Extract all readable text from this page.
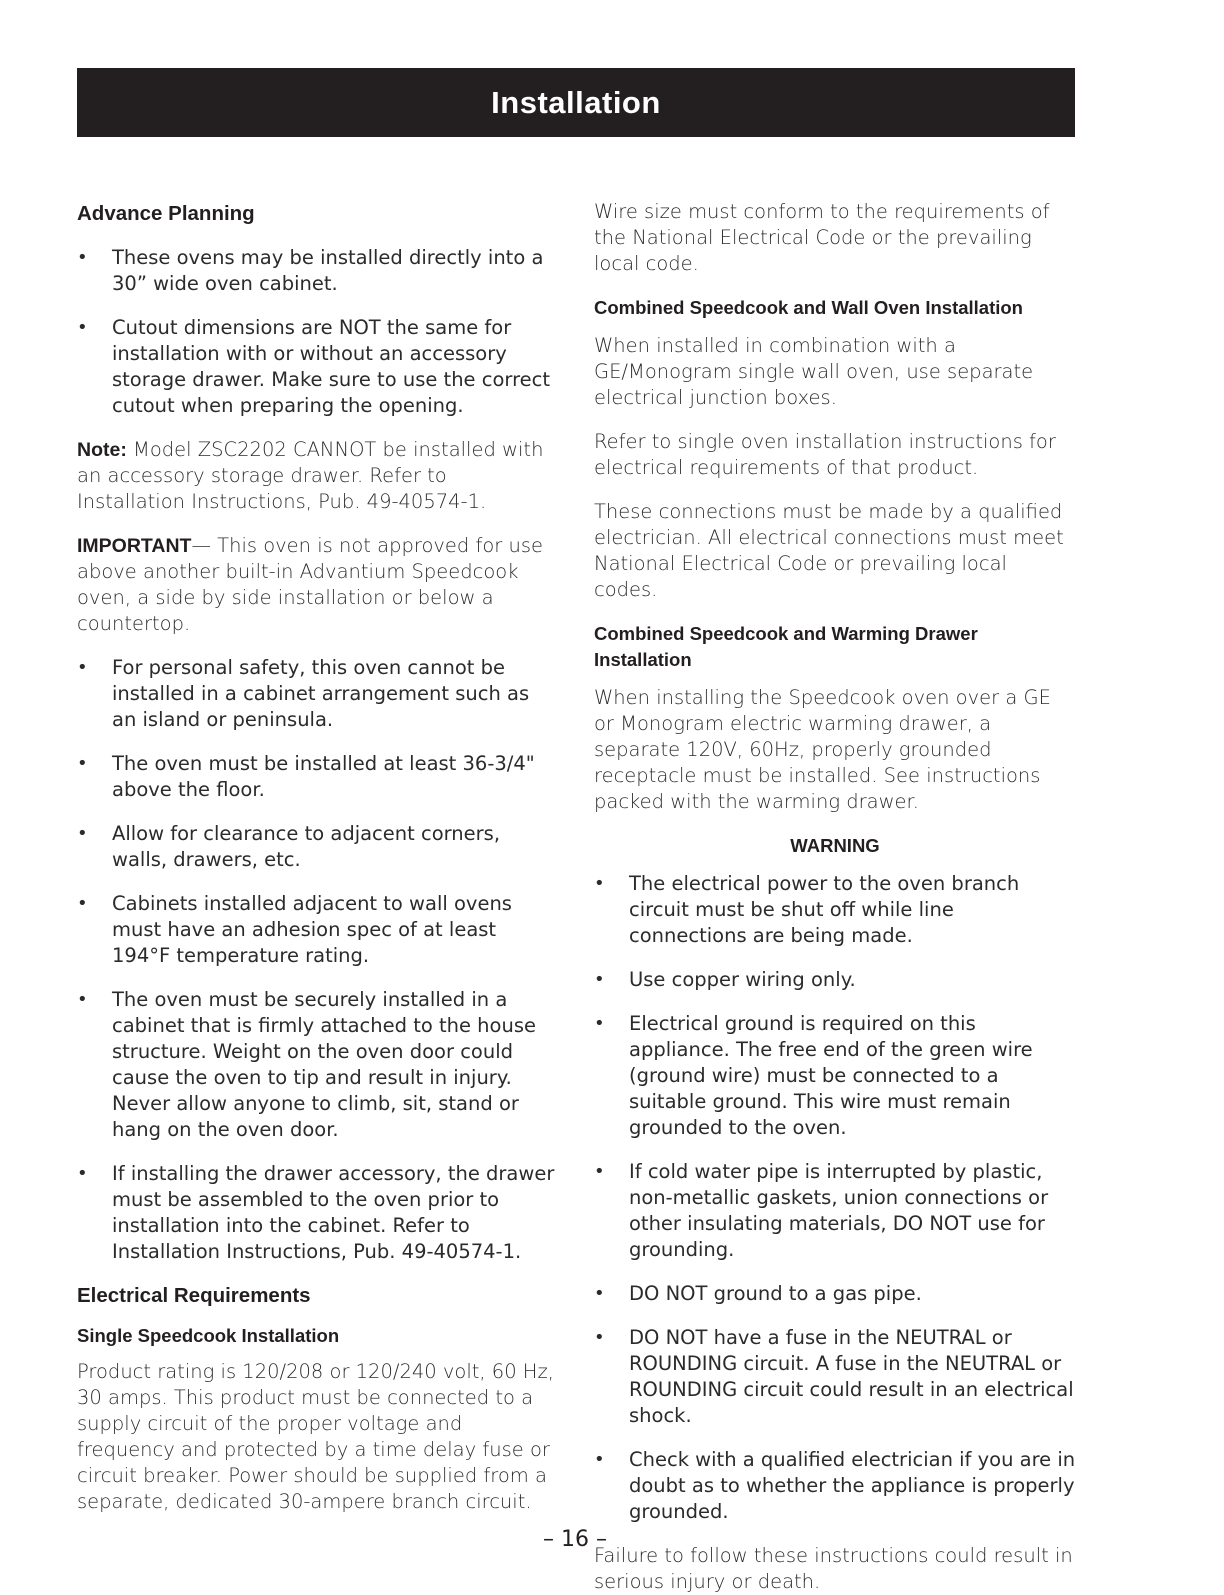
Installation
Advance Planning
• These ovens may be installed directly into a 30” wide oven cabinet.
• Cutout dimensions are NOT the same for installation with or without an accessory storage drawer. Make sure to use the correct cutout when preparing the opening.

Note: Model ZSC2202 CANNOT be installed with an accessory storage drawer. Refer to Installation Instructions, Pub. 49-40574-1.

IMPORTANT— This oven is not approved for use above another built-in Advantium Speedcook oven, a side by side installation or below a countertop.

• For personal safety, this oven cannot be installed in a cabinet arrangement such as an island or peninsula.
• The oven must be installed at least 36-3/4" above the floor.
• Allow for clearance to adjacent corners, walls, drawers, etc.
• Cabinets installed adjacent to wall ovens must have an adhesion spec of at least 194°F temperature rating.
• The oven must be securely installed in a cabinet that is firmly attached to the house structure. Weight on the oven door could cause the oven to tip and result in injury. Never allow anyone to climb, sit, stand or hang on the oven door.
• If installing the drawer accessory, the drawer must be assembled to the oven prior to installation into the cabinet. Refer to Installation Instructions, Pub. 49-40574-1.
Electrical Requirements
Single Speedcook Installation

Product rating is 120/208 or 120/240 volt, 60 Hz, 30 amps. This product must be connected to a supply circuit of the proper voltage and frequency and protected by a time delay fuse or circuit breaker. Power should be supplied from a separate, dedicated 30-ampere branch circuit.

Wire size must conform to the requirements of the National Electrical Code or the prevailing local code.

Combined Speedcook and Wall Oven Installation

When installed in combination with a GE/Monogram single wall oven, use separate electrical junction boxes.

Refer to single oven installation instructions for electrical requirements of that product.

These connections must be made by a qualified electrician. All electrical connections must meet National Electrical Code or prevailing local codes.

Combined Speedcook and Warming Drawer Installation

When installing the Speedcook oven over a GE or Monogram electric warming drawer, a separate 120V, 60Hz, properly grounded receptacle must be installed. See instructions packed with the warming drawer.

WARNING
• The electrical power to the oven branch circuit must be shut off while line connections are being made.
• Use copper wiring only.
• Electrical ground is required on this appliance. The free end of the green wire (ground wire) must be connected to a suitable ground. This wire must remain grounded to the oven.
• If cold water pipe is interrupted by plastic, non-metallic gaskets, union connections or other insulating materials, DO NOT use for grounding.
• DO NOT ground to a gas pipe.
• DO NOT have a fuse in the NEUTRAL or ROUNDING circuit. A fuse in the NEUTRAL or ROUNDING circuit could result in an electrical shock.
• Check with a qualified electrician if you are in doubt as to whether the appliance is properly grounded.

Failure to follow these instructions could result in serious injury or death.

– 16 –
